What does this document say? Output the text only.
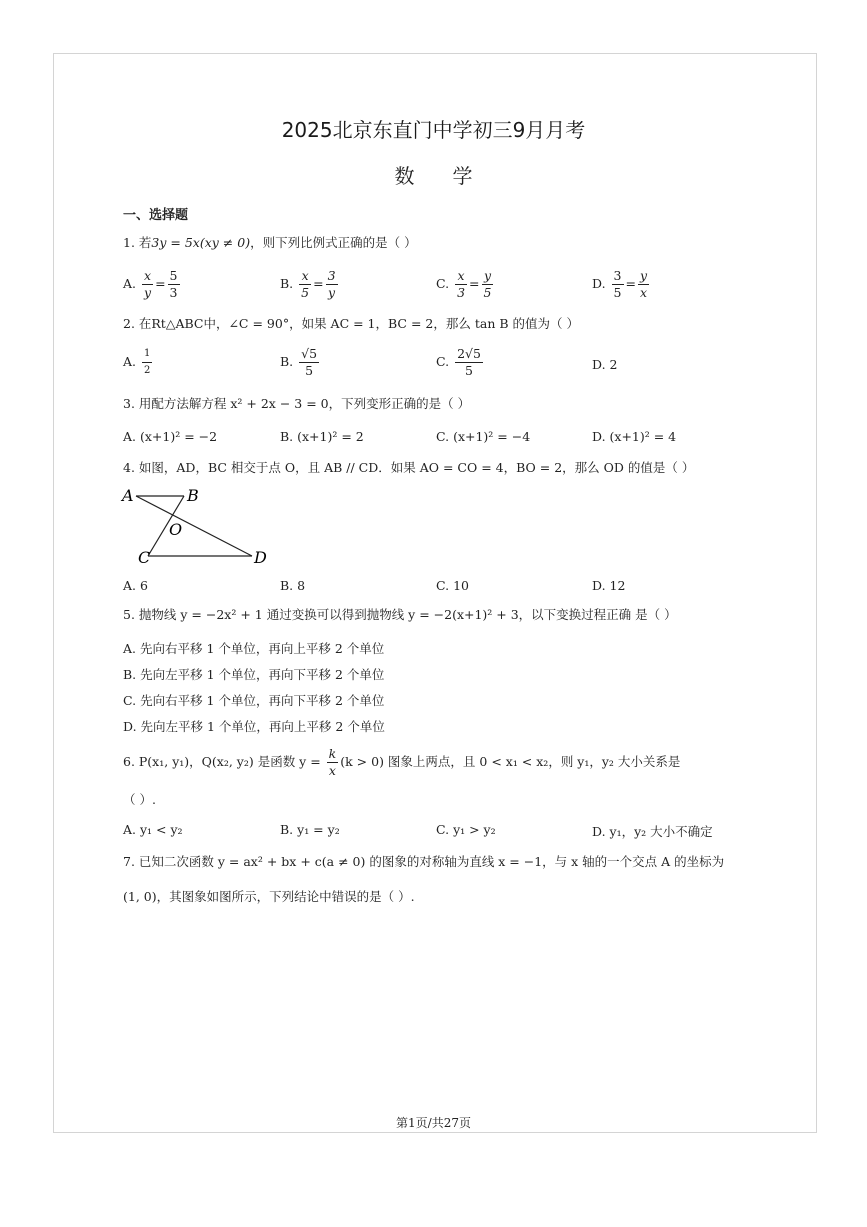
2025北京东直门中学初三9月月考
数学
一、选择题
1. 若3y = 5x(xy ≠ 0)，则下列比例式正确的是（ ）
A. $\frac{x}{y} = \frac{5}{3}$	B. $\frac{x}{5} = \frac{3}{y}$	C. $\frac{x}{3} = \frac{y}{5}$	D. $\frac{3}{5} = \frac{y}{x}$
2. 在Rt△ABC中，∠C = 90°，如果 AC = 1，BC = 2，那么 tan B 的值为（ ）
A. $\frac{1}{2}$	B. $\frac{√5}{5}$	C. $\frac{2√5}{5}$	D. 2
3. 用配方法解方程 x² + 2x − 3 = 0，下列变形正确的是（ ）
A. (x+1)² = −2	B. (x+1)² = 2	C. (x+1)² = −4	D. (x+1)² = 4
4. 如图，AD，BC 相交于点 O，且 AB // CD．如果 AO = CO = 4，BO = 2，那么 OD 的值是（ ）
A	B
O
C	D
A. 6	B. 8	C. 10	D. 12
5. 抛物线 y = −2x² + 1 通过变换可以得到抛物线 y = −2(x+1)² + 3，以下变换过程正确 是（ ）
A. 先向右平移 1 个单位，再向上平移 2 个单位
B. 先向左平移 1 个单位，再向下平移 2 个单位
C. 先向右平移 1 个单位，再向下平移 2 个单位
D. 先向左平移 1 个单位，再向上平移 2 个单位
6. P(x₁, y₁)，Q(x₂, y₂) 是函数 $y = \frac{k}{x} (k > 0)$ 图象上两点，且 0 < x₁ < x₂，则 y₁，y₂ 大小关系是
（ ）.
A. y₁ < y₂	B. y₁ = y₂	C. y₁ > y₂	D. y₁，y₂ 大小不确定
7. 已知二次函数 y = ax² + bx + c(a ≠ 0) 的图象的对称轴为直线 x = −1，与 x 轴的一个交点 A 的坐标为
(1, 0)，其图象如图所示，下列结论中错误的是（ ）.
第1页/共27页
